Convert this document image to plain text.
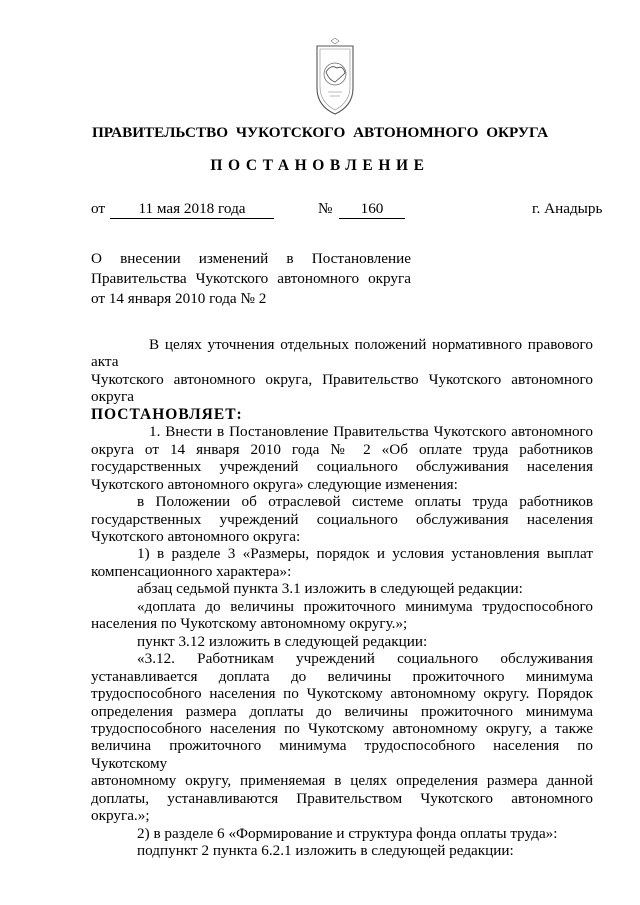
ПРАВИТЕЛЬСТВО ЧУКОТСКОГО АВТОНОМНОГО ОКРУГА
ПОСТАНОВЛЕНИЕ
от	11 мая 2018 года	№	160	г. Анадырь
О внесении изменений в Постановление
Правительства Чукотского автономного округа
от 14 января 2010 года № 2

В целях уточнения отдельных положений нормативного правового акта

Чукотского автономного округа, Правительство Чукотского автономного

округа

ПОСТАНОВЛЯЕТ:

1. Внести в Постановление Правительства Чукотского автономного

округа от 14 января 2010 года № 2 «Об оплате труда работников

государственных учреждений социального обслуживания населения

Чукотского автономного округа» следующие изменения:

в Положении об отраслевой системе оплаты труда работников

государственных учреждений социального обслуживания населения

Чукотского автономного округа:

1) в разделе 3 «Размеры, порядок и условия установления выплат

компенсационного характера»:

абзац седьмой пункта 3.1 изложить в следующей редакции:

«доплата до величины прожиточного минимума трудоспособного

населения по Чукотскому автономному округу.»;

пункт 3.12 изложить в следующей редакции:

«3.12. Работникам учреждений социального обслуживания

устанавливается доплата до величины прожиточного минимума

трудоспособного населения по Чукотскому автономному округу. Порядок

определения размера доплаты до величины прожиточного минимума

трудоспособного населения по Чукотскому автономному округу, а также

величина прожиточного минимума трудоспособного населения по Чукотскому

автономному округу, применяемая в целях определения размера данной

доплаты, устанавливаются Правительством Чукотского автономного округа.»;

2) в разделе 6 «Формирование и структура фонда оплаты труда»:

подпункт 2 пункта 6.2.1 изложить в следующей редакции:
